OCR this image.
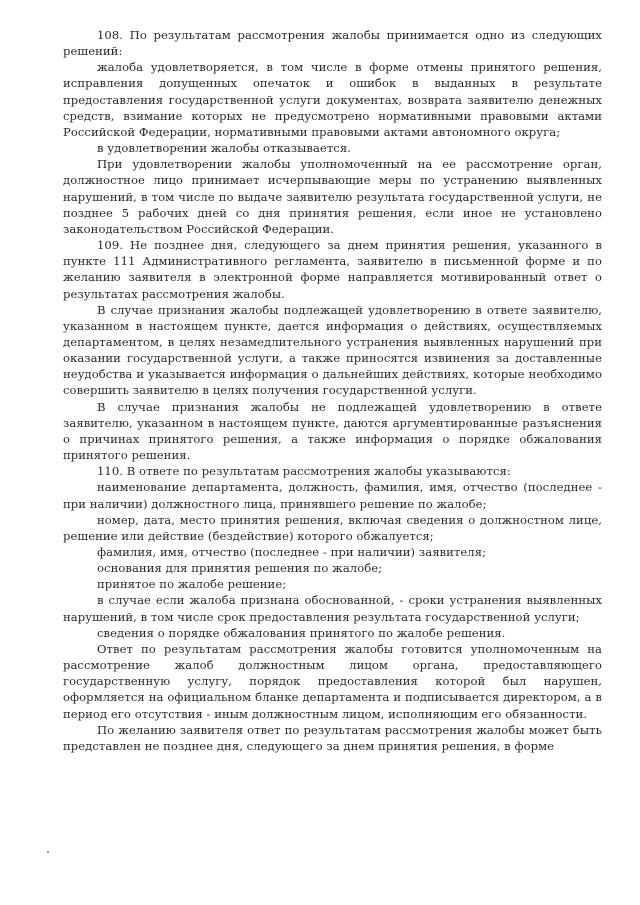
108. По результатам рассмотрения жалобы принимается одно из следующих решений:

жалоба удовлетворяется, в том числе в форме отмены принятого решения, исправления допущенных опечаток и ошибок в выданных в результате предоставления государственной услуги документах, возврата заявителю денежных средств, взимание которых не предусмотрено нормативными правовыми актами Российской Федерации, нормативными правовыми актами автономного округа;

в удовлетворении жалобы отказывается.

При удовлетворении жалобы уполномоченный на ее рассмотрение орган, должностное лицо принимает исчерпывающие меры по устранению выявленных нарушений, в том числе по выдаче заявителю результата государственной услуги, не позднее 5 рабочих дней со дня принятия решения, если иное не установлено законодательством Российской Федерации.

109. Не позднее дня, следующего за днем принятия решения, указанного в пункте 111 Административного регламента, заявителю в письменной форме и по желанию заявителя в электронной форме направляется мотивированный ответ о результатах рассмотрения жалобы.

В случае признания жалобы подлежащей удовлетворению в ответе заявителю, указанном в настоящем пункте, дается информация о действиях, осуществляемых департаментом, в целях незамедлительного устранения выявленных нарушений при оказании государственной услуги, а также приносятся извинения за доставленные неудобства и указывается информация о дальнейших действиях, которые необходимо совершить заявителю в целях получения государственной услуги.

В случае признания жалобы не подлежащей удовлетворению в ответе заявителю, указанном в настоящем пункте, даются аргументированные разъяснения о причинах принятого решения, а также информация о порядке обжалования принятого решения.

110. В ответе по результатам рассмотрения жалобы указываются:

наименование департамента, должность, фамилия, имя, отчество (последнее - при наличии) должностного лица, принявшего решение по жалобе;

номер, дата, место принятия решения, включая сведения о должностном лице, решение или действие (бездействие) которого обжалуется;

фамилия, имя, отчество (последнее - при наличии) заявителя;

основания для принятия решения по жалобе;

принятое по жалобе решение;

в случае если жалоба признана обоснованной, - сроки устранения выявленных нарушений, в том числе срок предоставления результата государственной услуги;

сведения о порядке обжалования принятого по жалобе решения.

Ответ по результатам рассмотрения жалобы готовится уполномоченным на рассмотрение жалоб должностным лицом органа, предоставляющего государственную услугу, порядок предоставления которой был нарушен, оформляется на официальном бланке департамента и подписывается директором, а в период его отсутствия - иным должностным лицом, исполняющим его обязанности.

По желанию заявителя ответ по результатам рассмотрения жалобы может быть представлен не позднее дня, следующего за днем принятия решения, в форме
